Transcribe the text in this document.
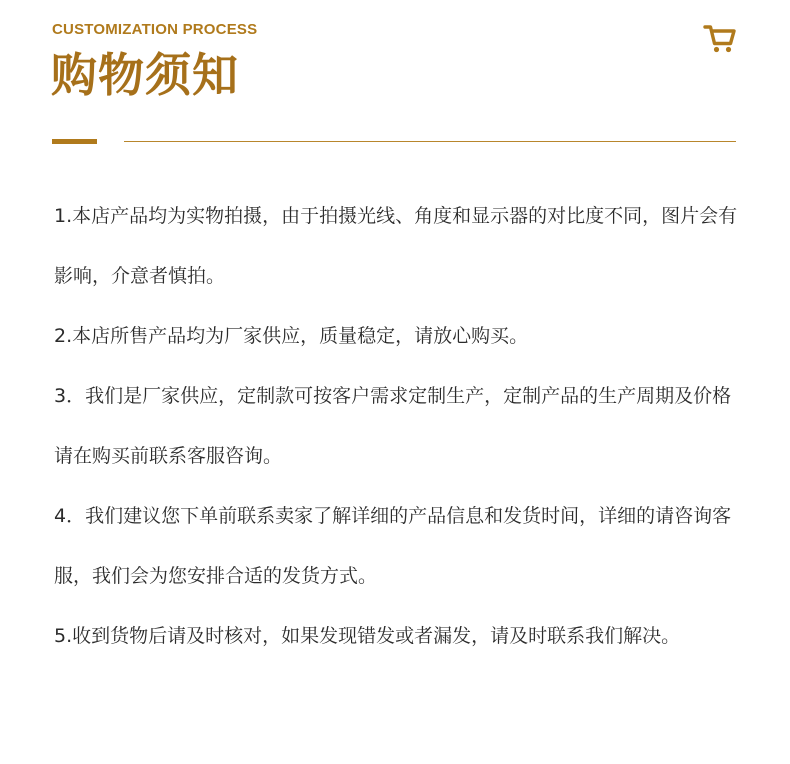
CUSTOMIZATION PROCESS
购物须知

1.本店产品均为实物拍摄，由于拍摄光线、角度和显示器的对比度不同，图片会有影响，介意者慎拍。

2.本店所售产品均为厂家供应，质量稳定，请放心购买。

3．我们是厂家供应，定制款可按客户需求定制生产，定制产品的生产周期及价格请在购买前联系客服咨询。

4．我们建议您下单前联系卖家了解详细的产品信息和发货时间，详细的请咨询客服，我们会为您安排合适的发货方式。

5.收到货物后请及时核对，如果发现错发或者漏发，请及时联系我们解决。
